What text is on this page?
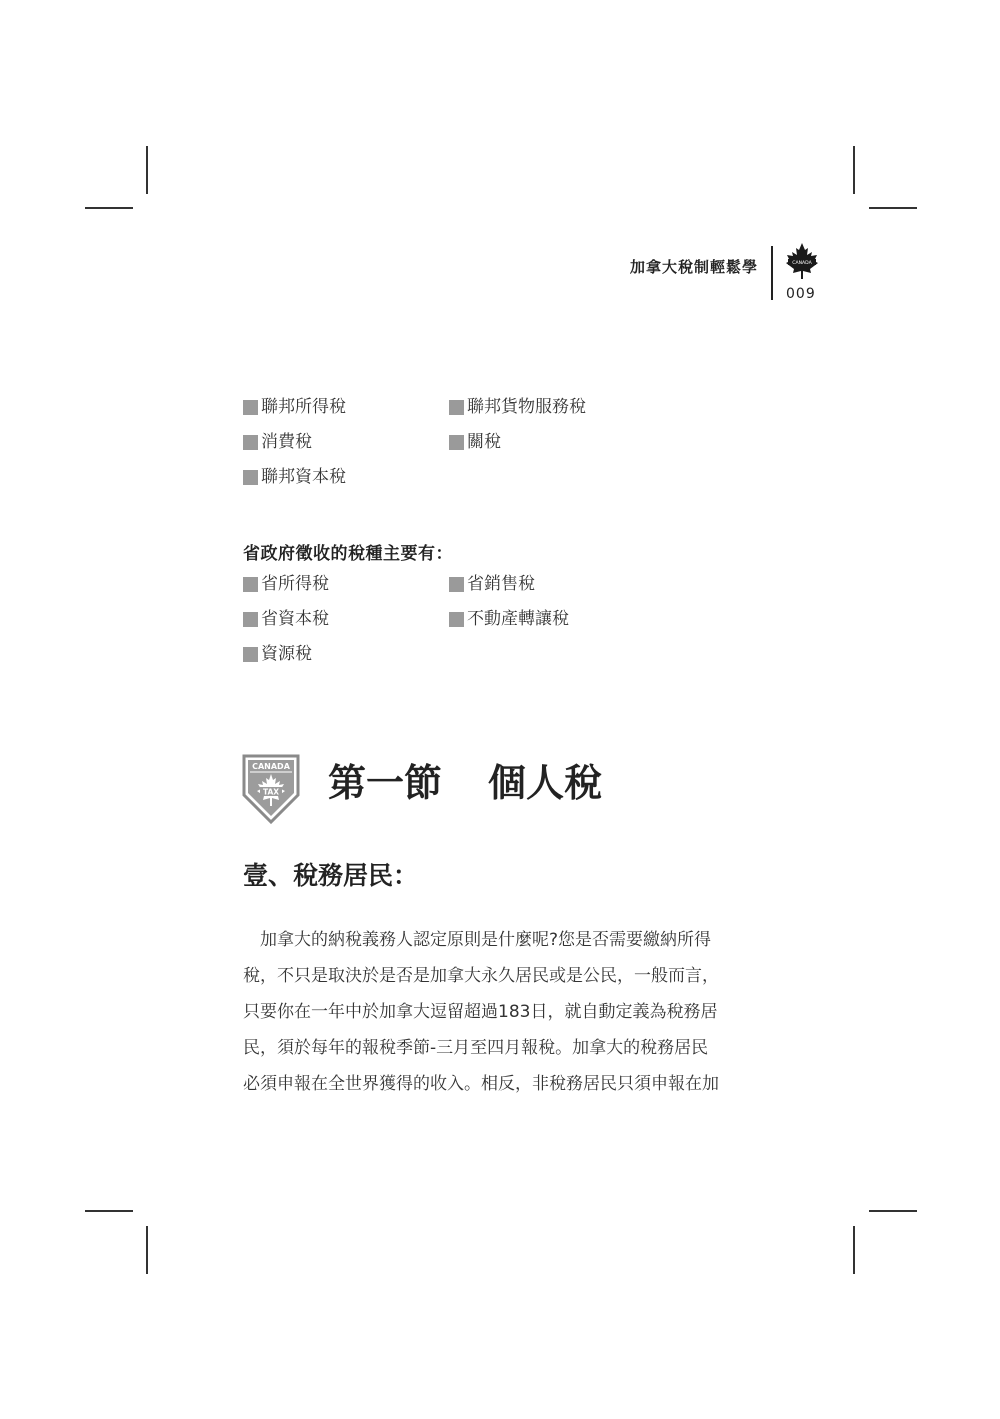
加拿大稅制輕鬆學	CANADA
009
聯邦所得稅	聯邦貨物服務稅
消費稅	關稅
聯邦資本稅
省政府徵收的稅種主要有：
省所得稅	省銷售稅
省資本稅	不動產轉讓稅
資源稅
CANADA
TAX 第一節 個人稅
壹、稅務居民：
加拿大的納稅義務人認定原則是什麼呢?您是否需要繳納所得
稅，不只是取決於是否是加拿大永久居民或是公民，一般而言，
只要你在一年中於加拿大逗留超過183日，就自動定義為稅務居
民，須於每年的報稅季節-三月至四月報稅。加拿大的稅務居民
必須申報在全世界獲得的收入。相反，非稅務居民只須申報在加
